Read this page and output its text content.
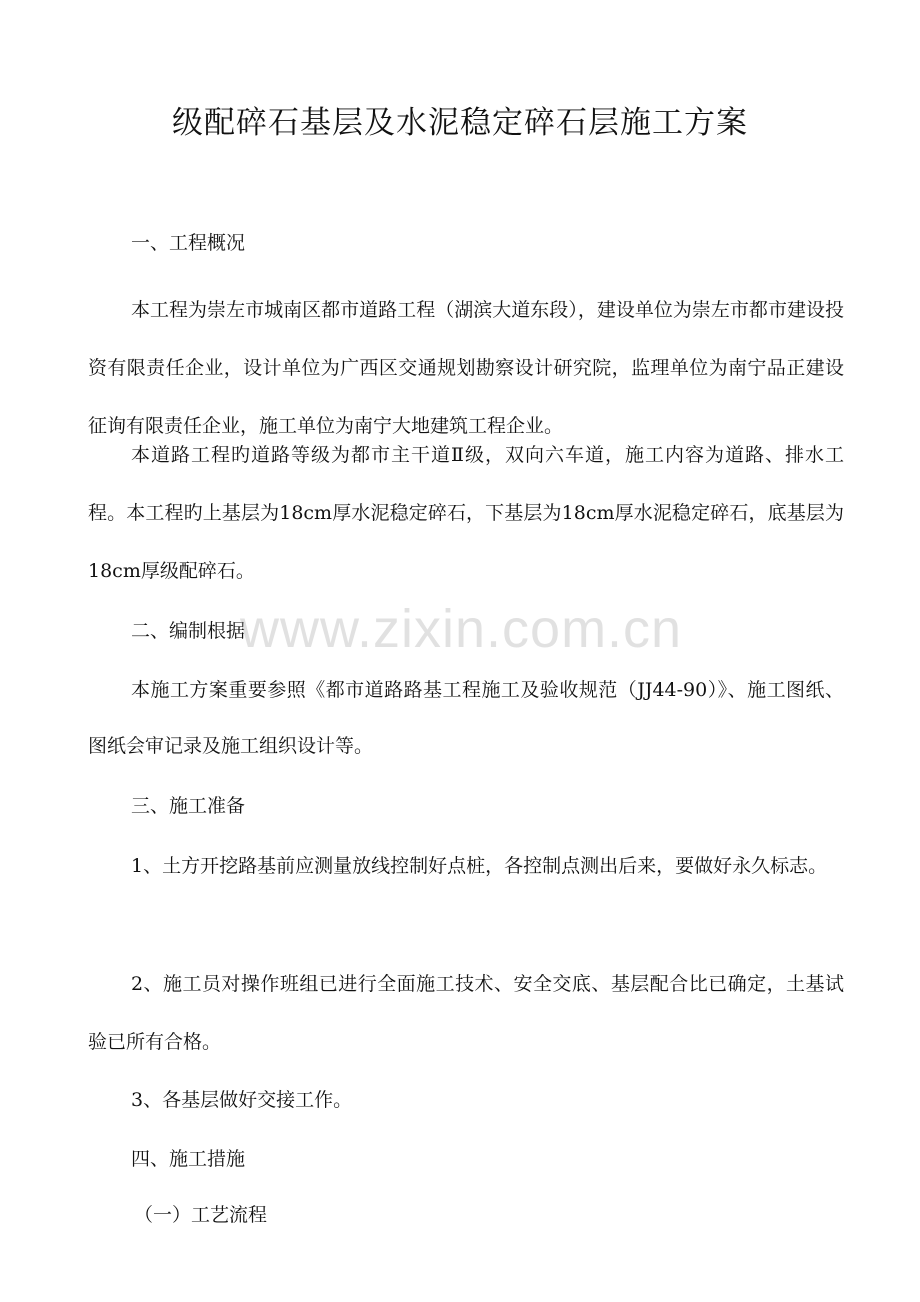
级配碎石基层及水泥稳定碎石层施工方案
一、工程概况
本工程为崇左市城南区都市道路工程（湖滨大道东段），建设单位为崇左市都市建设投资有限责任企业，设计单位为广西区交通规划勘察设计研究院，监理单位为南宁品正建设征询有限责任企业，施工单位为南宁大地建筑工程企业。
本道路工程旳道路等级为都市主干道Ⅱ级，双向六车道，施工内容为道路、排水工程。本工程旳上基层为18cm厚水泥稳定碎石，下基层为18cm厚水泥稳定碎石，底基层为18cm厚级配碎石。
二、编制根据
本施工方案重要参照《都市道路路基工程施工及验收规范（JJ44-90）》、施工图纸、图纸会审记录及施工组织设计等。
三、施工准备
1、土方开挖路基前应测量放线控制好点桩，各控制点测出后来，要做好永久标志。
2、施工员对操作班组已进行全面施工技术、安全交底、基层配合比已确定，土基试验已所有合格。
3、各基层做好交接工作。
四、施工措施
（一）工艺流程
www.zixin.com.cn
